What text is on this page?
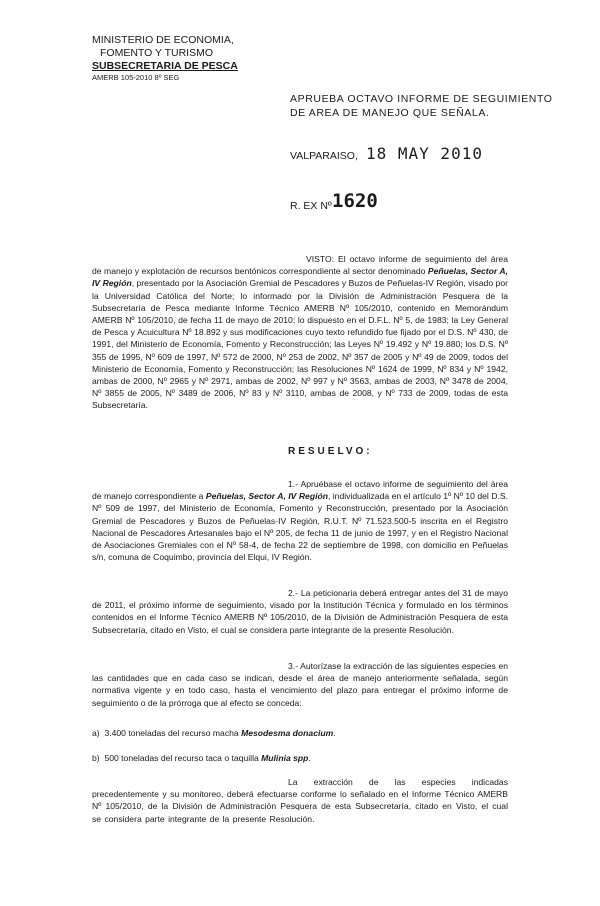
MINISTERIO DE ECONOMIA,
FOMENTO Y TURISMO
SUBSECRETARIA DE PESCA
AMERB 105-2010 8º SEG
APRUEBA OCTAVO INFORME DE SEGUIMIENTO
DE AREA DE MANEJO QUE SEÑALA.
VALPARAISO, 18 MAY 2010
R. EX Nº 1620
VISTO: El octavo informe de seguimiento del área de manejo y explotación de recursos bentónicos correspondiente al sector denominado Peñuelas, Sector A, IV Región, presentado por la Asociación Gremial de Pescadores y Buzos de Peñuelas-IV Región, visado por la Universidad Católica del Norte; lo informado por la División de Administración Pesquera de la Subsecretaría de Pesca mediante Informe Técnico AMERB Nº 105/2010, contenido en Memorándum AMERB Nº 105/2010, de fecha 11 de mayo de 2010; lo dispuesto en el D.F.L. Nº 5, de 1983; la Ley General de Pesca y Acuicultura Nº 18.892 y sus modificaciones cuyo texto refundido fue fijado por el D.S. Nº 430, de 1991, del Ministerio de Economía, Fomento y Reconstrucción; las Leyes Nº 19.492 y Nº 19.880; los D.S. Nº 355 de 1995, Nº 609 de 1997, Nº 572 de 2000, Nº 253 de 2002, Nº 357 de 2005 y Nº 49 de 2009, todos del Ministerio de Economía, Fomento y Reconstrucción; las Resoluciones Nº 1624 de 1999, Nº 834 y Nº 1942, ambas de 2000, Nº 2965 y Nº 2971, ambas de 2002, Nº 997 y Nº 3563, ambas de 2003, Nº 3478 de 2004, Nº 3855 de 2005, Nº 3489 de 2006, Nº 83 y Nº 3110, ambas de 2008, y Nº 733 de 2009, todas de esta Subsecretaría.
RESUELVO:
1.- Apruébase el octavo informe de seguimiento del área de manejo correspondiente a Peñuelas, Sector A, IV Región, individualizada en el artículo 1º Nº 10 del D.S. Nº 509 de 1997, del Ministerio de Economía, Fomento y Reconstrucción, presentado por la Asociación Gremial de Pescadores y Buzos de Peñuelas-IV Región, R.U.T. Nº 71.523.500-5 inscrita en el Registro Nacional de Pescadores Artesanales bajo el Nº 205, de fecha 11 de junio de 1997, y en el Registro Nacional de Asociaciones Gremiales con el Nº 58-4, de fecha 22 de septiembre de 1998, con domicilio en Peñuelas s/n, comuna de Coquimbo, provincia del Elqui, IV Región.
2.- La peticionaria deberá entregar antes del 31 de mayo de 2011, el próximo informe de seguimiento, visado por la Institución Técnica y formulado en los términos contenidos en el Informe Técnico AMERB Nº 105/2010, de la División de Administración Pesquera de esta Subsecretaría, citado en Visto, el cual se considera parte integrante de la presente Resolución.
3.- Autorízase la extracción de las siguientes especies en las cantidades que en cada caso se indican, desde el área de manejo anteriormente señalada, según normativa vigente y en todo caso, hasta el vencimiento del plazo para entregar el próximo informe de seguimiento o de la prórroga que al efecto se conceda:
a) 3.400 toneladas del recurso macha Mesodesma donacium.
b) 500 toneladas del recurso taca o taquilla Mulinia spp.
La extracción de las especies indicadas precedentemente y su monitoreo, deberá efectuarse conforme lo señalado en el Informe Técnico AMERB Nº 105/2010, de la División de Administración Pesquera de esta Subsecretaría, citado en Visto, el cual se considera parte integrante de la presente Resolución.
